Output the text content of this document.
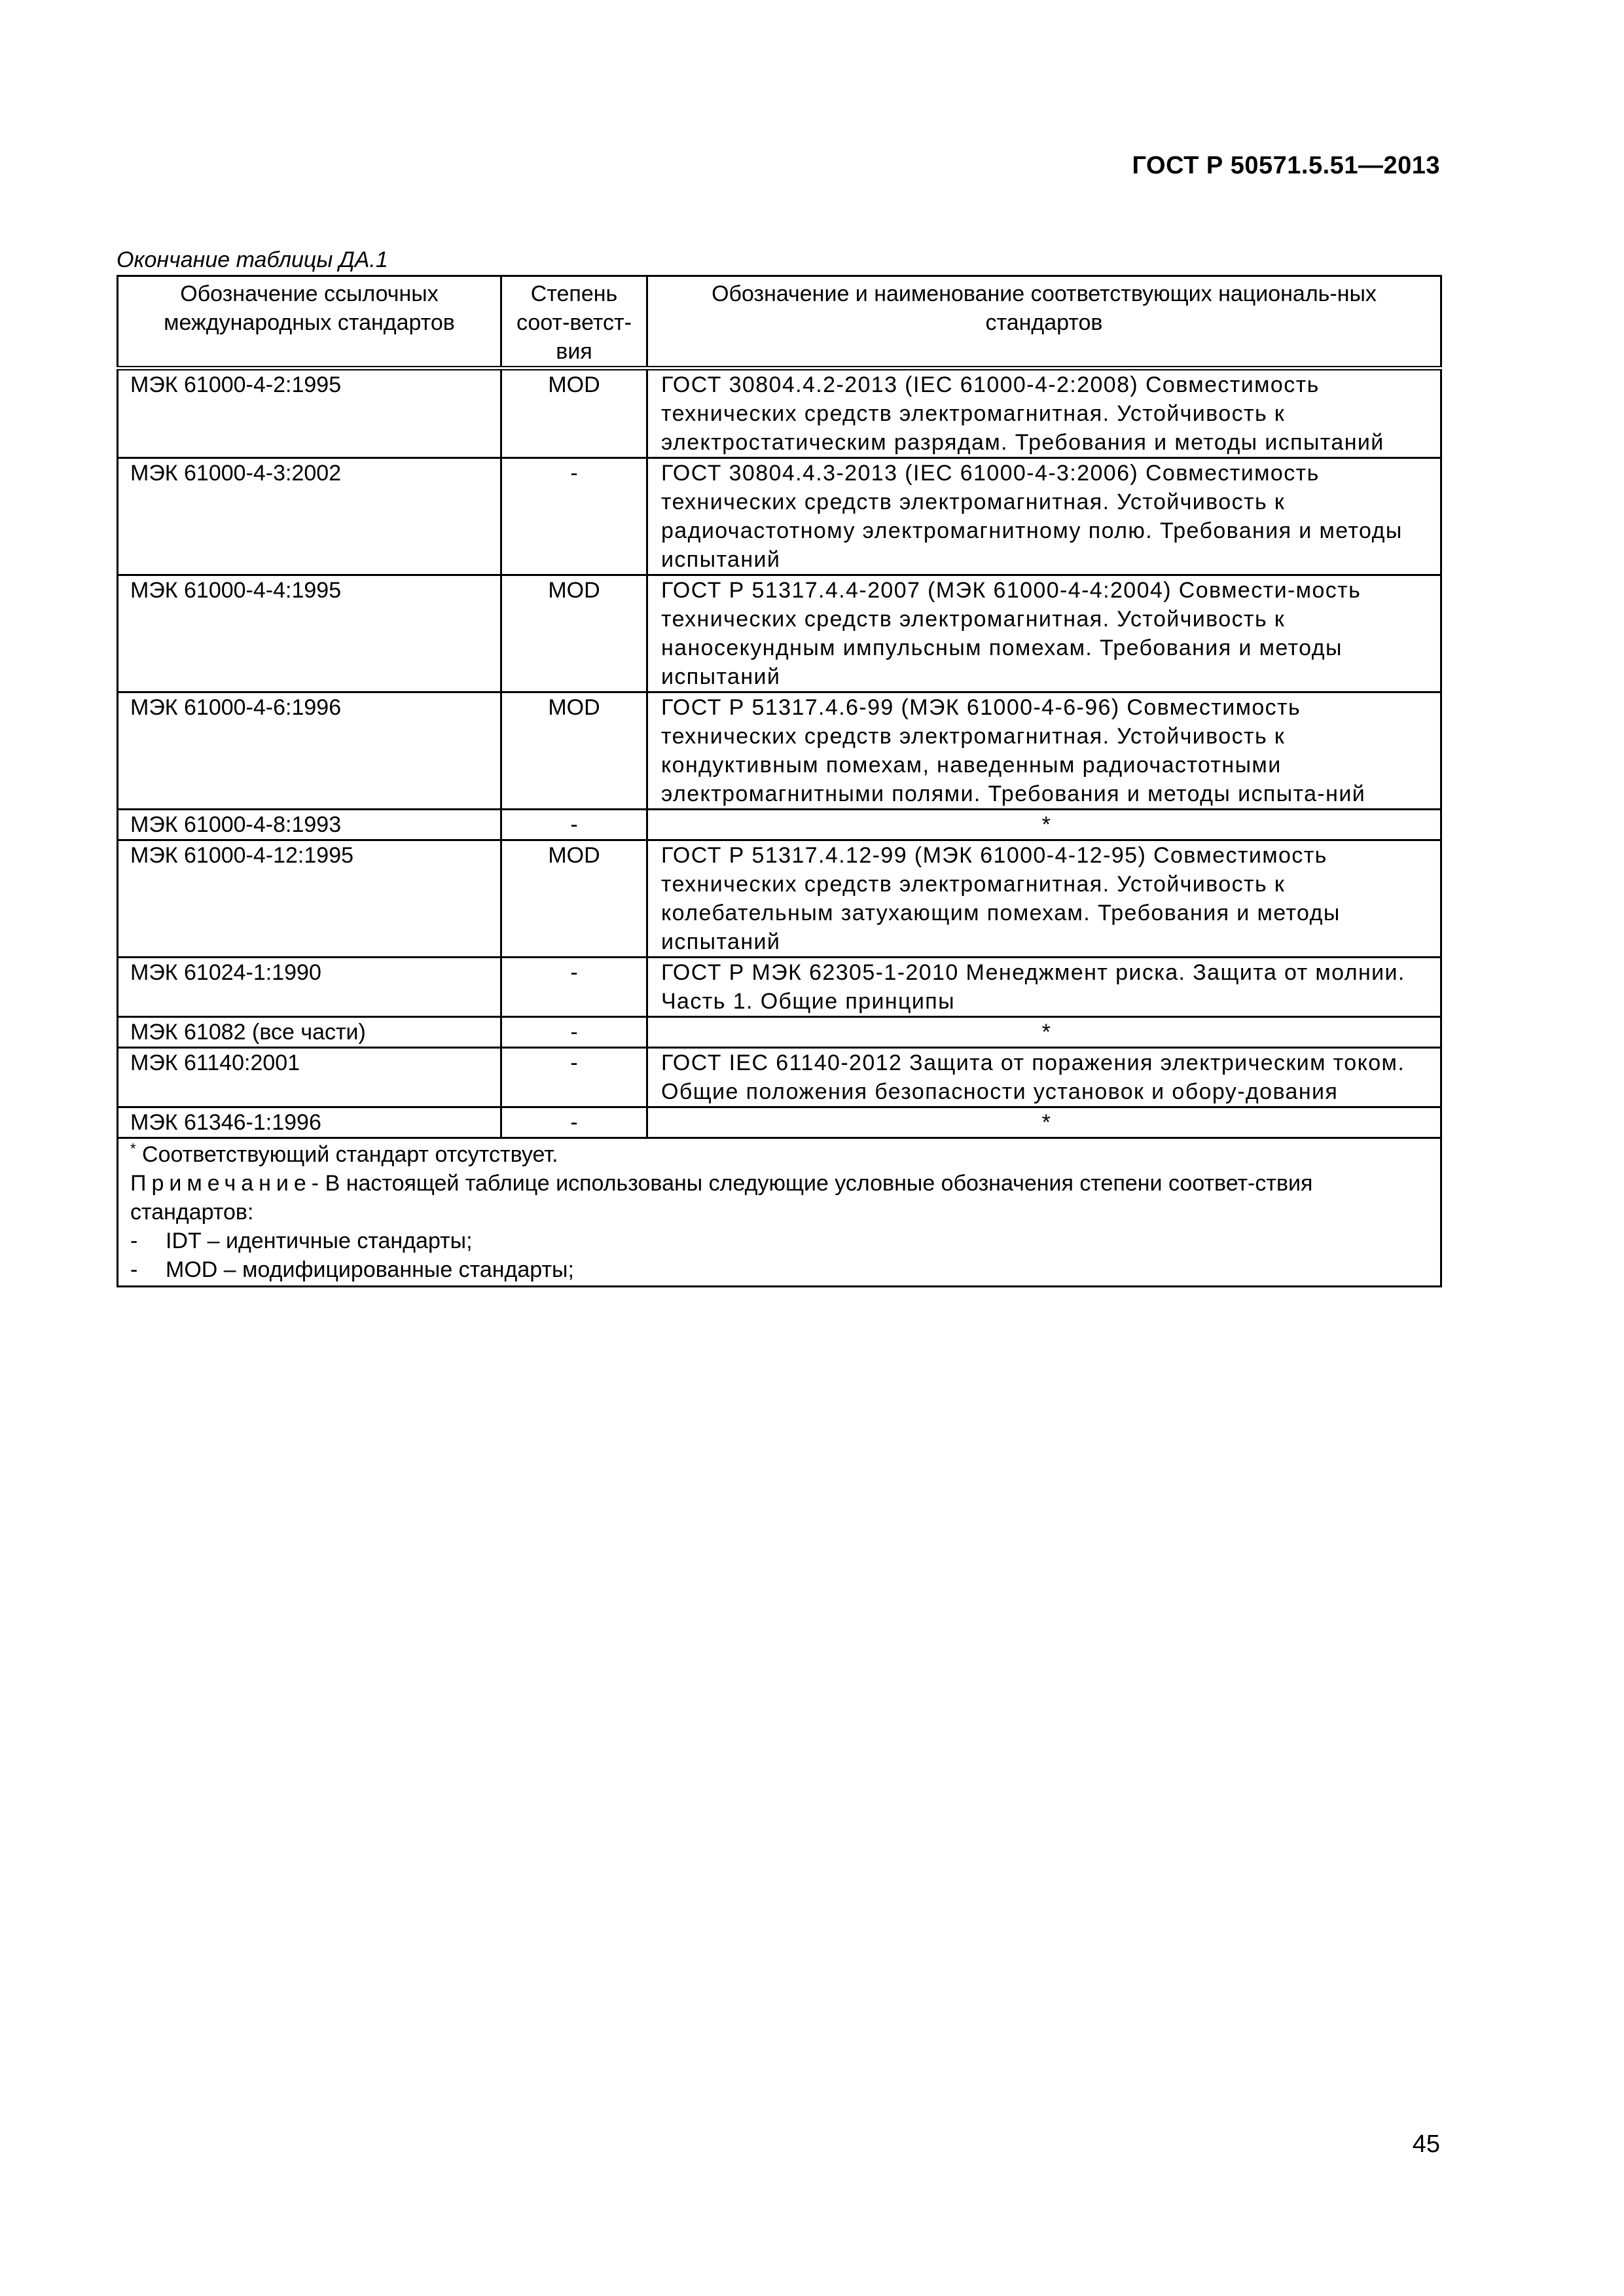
ГОСТ Р 50571.5.51—2013
Окончание таблицы ДА.1
Обозначение ссылочных международных стандартов	Степень соот-ветст-вия	Обозначение и наименование соответствующих националь-ных стандартов
МЭК 61000-4-2:1995	MOD	ГОСТ 30804.4.2-2013 (IEC 61000-4-2:2008) Совместимость технических средств электромагнитная. Устойчивость к электростатическим разрядам. Требования и методы испытаний
МЭК 61000-4-3:2002	-	ГОСТ 30804.4.3-2013 (IEC 61000-4-3:2006) Совместимость технических средств электромагнитная. Устойчивость к радиочастотному электромагнитному полю. Требования и методы испытаний
МЭК 61000-4-4:1995	MOD	ГОСТ Р 51317.4.4-2007 (МЭК 61000-4-4:2004) Совмести-мость технических средств электромагнитная. Устойчивость к наносекундным импульсным помехам. Требования и методы испытаний
МЭК 61000-4-6:1996	MOD	ГОСТ Р 51317.4.6-99 (МЭК 61000-4-6-96) Совместимость технических средств электромагнитная. Устойчивость к кондуктивным помехам, наведенным радиочастотными электромагнитными полями. Требования и методы испыта-ний
МЭК 61000-4-8:1993	-	*
МЭК 61000-4-12:1995	MOD	ГОСТ Р 51317.4.12-99 (МЭК 61000-4-12-95) Совместимость технических средств электромагнитная. Устойчивость к колебательным затухающим помехам. Требования и методы испытаний
МЭК 61024-1:1990	-	ГОСТ Р МЭК 62305-1-2010 Менеджмент риска. Защита от молнии. Часть 1. Общие принципы
МЭК 61082 (все части)	-	*
МЭК 61140:2001	-	ГОСТ IEC 61140-2012 Защита от поражения электрическим током. Общие положения безопасности установок и обору-дования
МЭК 61346-1:1996	-	*

* Соответствующий стандарт отсутствует.
Примечание- В настоящей таблице использованы следующие условные обозначения степени соответ-ствия стандартов:
- IDT – идентичные стандарты;
- MOD – модифицированные стандарты;		
45
